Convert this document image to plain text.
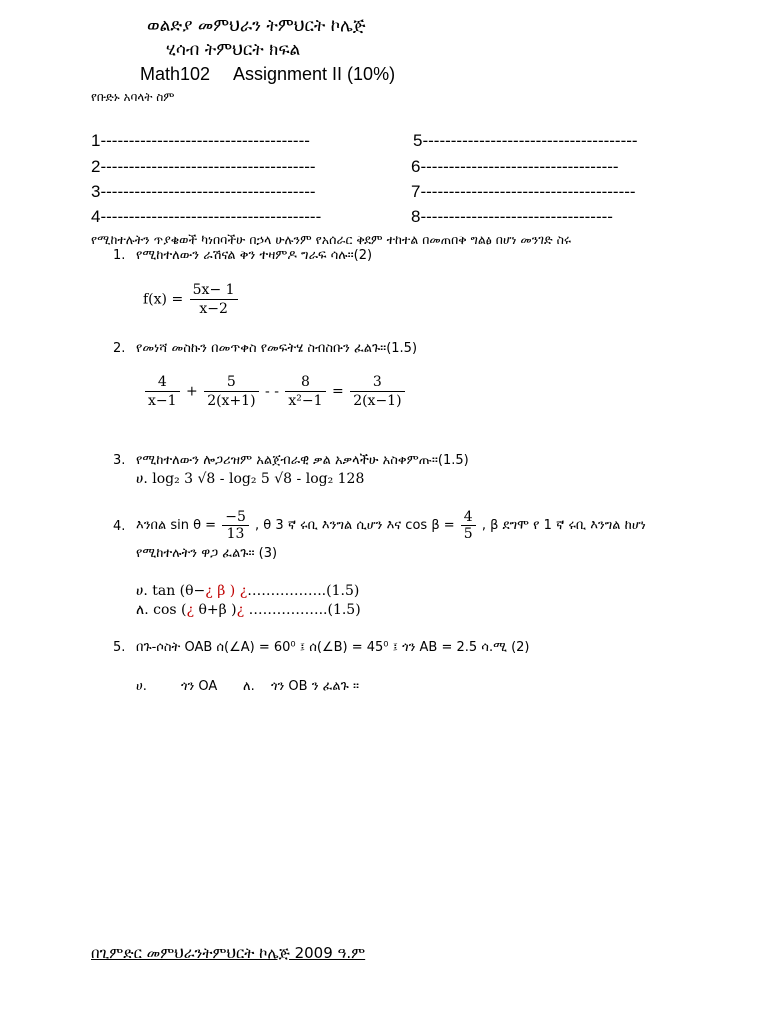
ወልድያ መምህራን ትምህርት ኮሌጅ
ሂሳብ ትምህርት ክፍል
Math102 Assignment II (10%)
የቡድኑ አባላት ስም
1-------------------------------------
2--------------------------------------
3--------------------------------------
4---------------------------------------
5--------------------------------------
6-----------------------------------
7--------------------------------------
8----------------------------------
የሚከተሉትን ጥያቄወች ካነበባችሁ በኃላ ሁሉንም የአሰራር ቅደም ተከተል በመጠበቅ ግልፅ በሆነ መንገድ ስሩ
1. የሚከተለውን ራሽናል ቅን ተዛምዶ ግራፍ ሳሉ።(2)
$f(x) = \frac{5x- 1}{x-2}$
2. የመነሻ መስኩን በመጥቀስ የመፍትሄ ስብስቡን ፈልጉ።(1.5)
$\frac{4}{x-1} + \frac{5}{2(x+1)}$ - - $\frac{8}{\text{x²−1}} = \frac{3}{2(x-1)}$
3. የሚከተለውን ሎጋሪዝም አልጀብራዊ ቃል አቃላችሁ አስቀምጡ።(1.5)
ሀ. log₂ 3 √8 - log₂ 5 √8 - log₂ 128
4. እንበል $\sin \theta = \frac{-5}{13}$ , θ 3 ኛ ሩቢ እንግል ሲሆን እና $\cos \beta = \frac{4}{5}$ , β ደግሞ የ 1 ኛ ሩቢ እንግል ከሆነ
የሚከተሉትን ዋጋ ፈልጉ። (3)
ሀ. tan (θ−¿ β ) ¿……………..(1.5)
ለ. cos (¿ θ+β )¿ ……………..(1.5)
5. በጉ-ሶስት OAB ሰ(∠A) = 60⁰ ፤ ሰ(∠B) = 45⁰ ፤ ጎን AB = 2.5 ሳ.ሚ (2)
ሀ.	ጎን OA ለ. ጎን OB ን ፈልጉ ።
በጊምድር መምህራንትምህርት ኮሌጅ 2009 ዓ.ም
